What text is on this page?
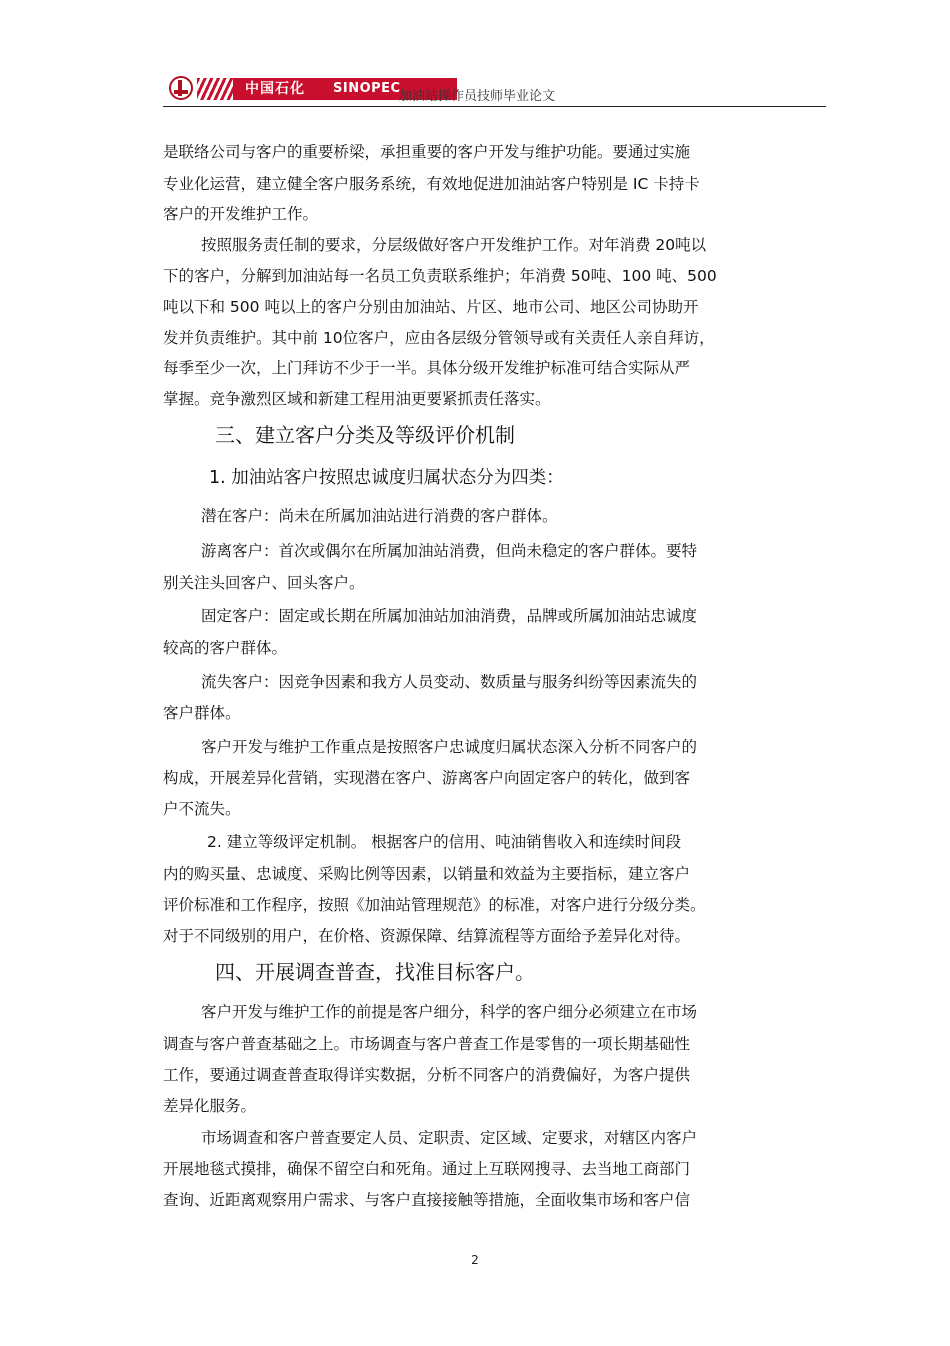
中国石化 SINOPEC
加油站操作员技师毕业论文
是联络公司与客户的重要桥梁，承担重要的客户开发与维护功能。要通过实施
专业化运营，建立健全客户服务系统，有效地促进加油站客户特别是 IC 卡持卡
客户的开发维护工作。
按照服务责任制的要求，分层级做好客户开发维护工作。对年消费 20吨以
下的客户，分解到加油站每一名员工负责联系维护；年消费 50吨、100 吨、500
吨以下和 500 吨以上的客户分别由加油站、片区、地市公司、地区公司协助开
发并负责维护。其中前 10位客户，应由各层级分管领导或有关责任人亲自拜访，
每季至少一次，上门拜访不少于一半。具体分级开发维护标准可结合实际从严
掌握。竞争激烈区域和新建工程用油更要紧抓责任落实。
三、建立客户分类及等级评价机制
1. 加油站客户按照忠诚度归属状态分为四类：
潜在客户：尚未在所属加油站进行消费的客户群体。
游离客户：首次或偶尔在所属加油站消费，但尚未稳定的客户群体。要特
别关注头回客户、回头客户。
固定客户：固定或长期在所属加油站加油消费，品牌或所属加油站忠诚度
较高的客户群体。
流失客户：因竞争因素和我方人员变动、数质量与服务纠纷等因素流失的
客户群体。
客户开发与维护工作重点是按照客户忠诚度归属状态深入分析不同客户的
构成，开展差异化营销，实现潜在客户、游离客户向固定客户的转化，做到客
户不流失。
2. 建立等级评定机制。 根据客户的信用、吨油销售收入和连续时间段
内的购买量、忠诚度、采购比例等因素，以销量和效益为主要指标，建立客户
评价标准和工作程序，按照《加油站管理规范》的标准，对客户进行分级分类。
对于不同级别的用户，在价格、资源保障、结算流程等方面给予差异化对待。
四、开展调查普查，找准目标客户。
客户开发与维护工作的前提是客户细分，科学的客户细分必须建立在市场
调查与客户普查基础之上。市场调查与客户普查工作是零售的一项长期基础性
工作，要通过调查普查取得详实数据，分析不同客户的消费偏好，为客户提供
差异化服务。
市场调查和客户普查要定人员、定职责、定区域、定要求，对辖区内客户
开展地毯式摸排，确保不留空白和死角。通过上互联网搜寻、去当地工商部门
查询、近距离观察用户需求、与客户直接接触等措施，全面收集市场和客户信
2
